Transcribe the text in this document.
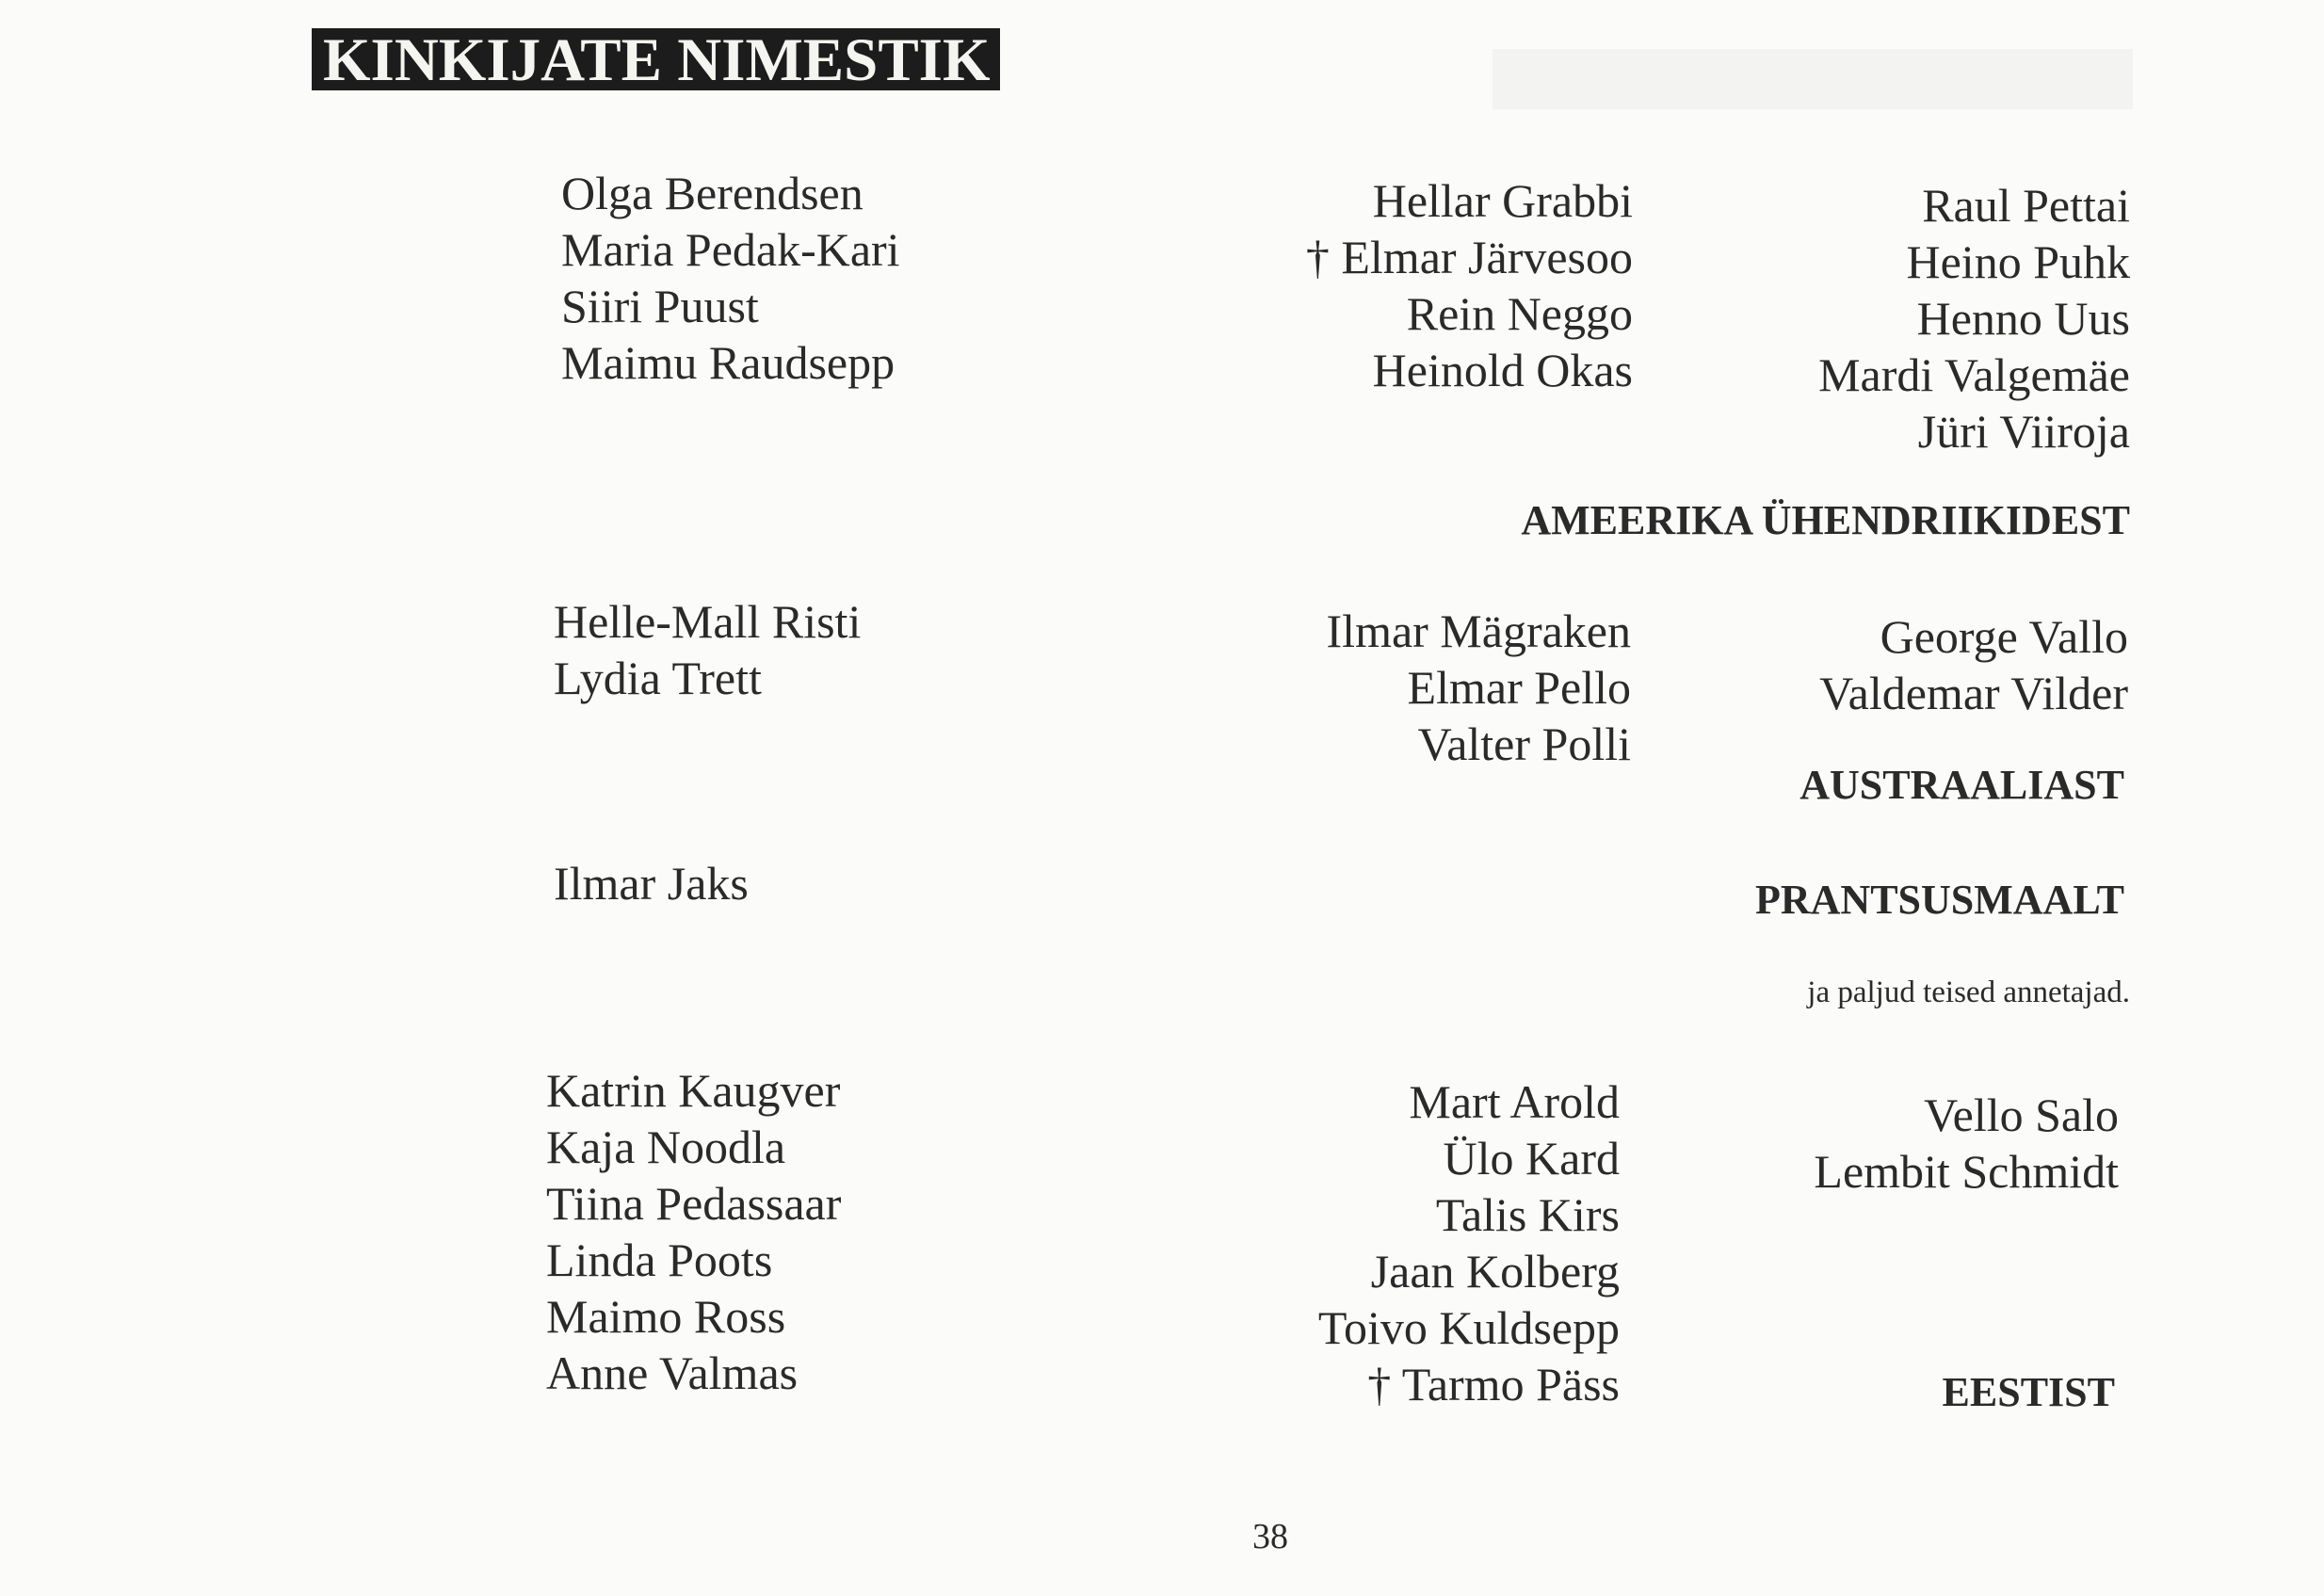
KINKIJATE NIMESTIK
Olga Berendsen
Maria Pedak-Kari
Siiri Puust
Maimu Raudsepp
Helle-Mall Risti
Lydia Trett
Ilmar Jaks
Katrin Kaugver
Kaja Noodla
Tiina Pedassaar
Linda Poots
Maimo Ross
Anne Valmas
Hellar Grabbi
† Elmar Järvesoo
Rein Neggo
Heinold Okas
Ilmar Mägraken
Elmar Pello
Valter Polli
Mart Arold
Ülo Kard
Talis Kirs
Jaan Kolberg
Toivo Kuldsepp
† Tarmo Päss
Raul Pettai
Heino Puhk
Henno Uus
Mardi Valgemäe
Jüri Viiroja
AMEERIKA ÜHENDRIIKIDEST
George Vallo
Valdemar Vilder
AUSTRAALIAST
PRANTSUSMAALT
ja paljud teised annetajad.
Vello Salo
Lembit Schmidt
EESTIST
38
